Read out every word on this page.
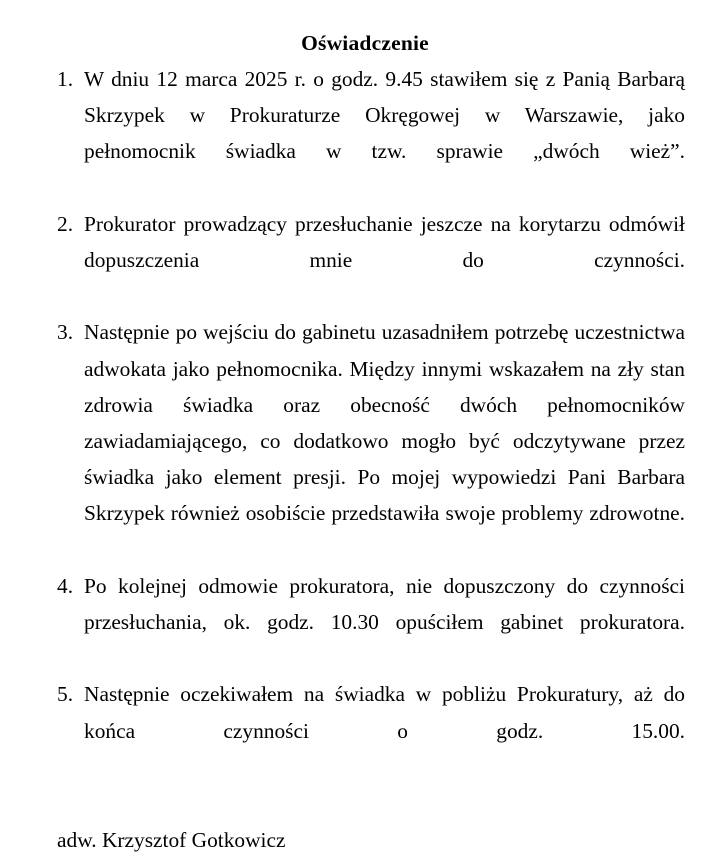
Oświadczenie
1. W dniu 12 marca 2025 r. o godz. 9.45 stawiłem się z Panią Barbarą Skrzypek w Prokuraturze Okręgowej w Warszawie, jako pełnomocnik świadka w tzw. sprawie „dwóch wież”.
2. Prokurator prowadzący przesłuchanie jeszcze na korytarzu odmówił dopuszczenia mnie do czynności.
3. Następnie po wejściu do gabinetu uzasadniłem potrzebę uczestnictwa adwokata jako pełnomocnika. Między innymi wskazałem na zły stan zdrowia świadka oraz obecność dwóch pełnomocników zawiadamiającego, co dodatkowo mogło być odczytywane przez świadka jako element presji. Po mojej wypowiedzi Pani Barbara Skrzypek również osobiście przedstawiła swoje problemy zdrowotne.
4. Po kolejnej odmowie prokuratora, nie dopuszczony do czynności przesłuchania, ok. godz. 10.30 opuściłem gabinet prokuratora.
5. Następnie oczekiwałem na świadka w pobliżu Prokuratury, aż do końca czynności o godz. 15.00.
adw. Krzysztof Gotkowicz
